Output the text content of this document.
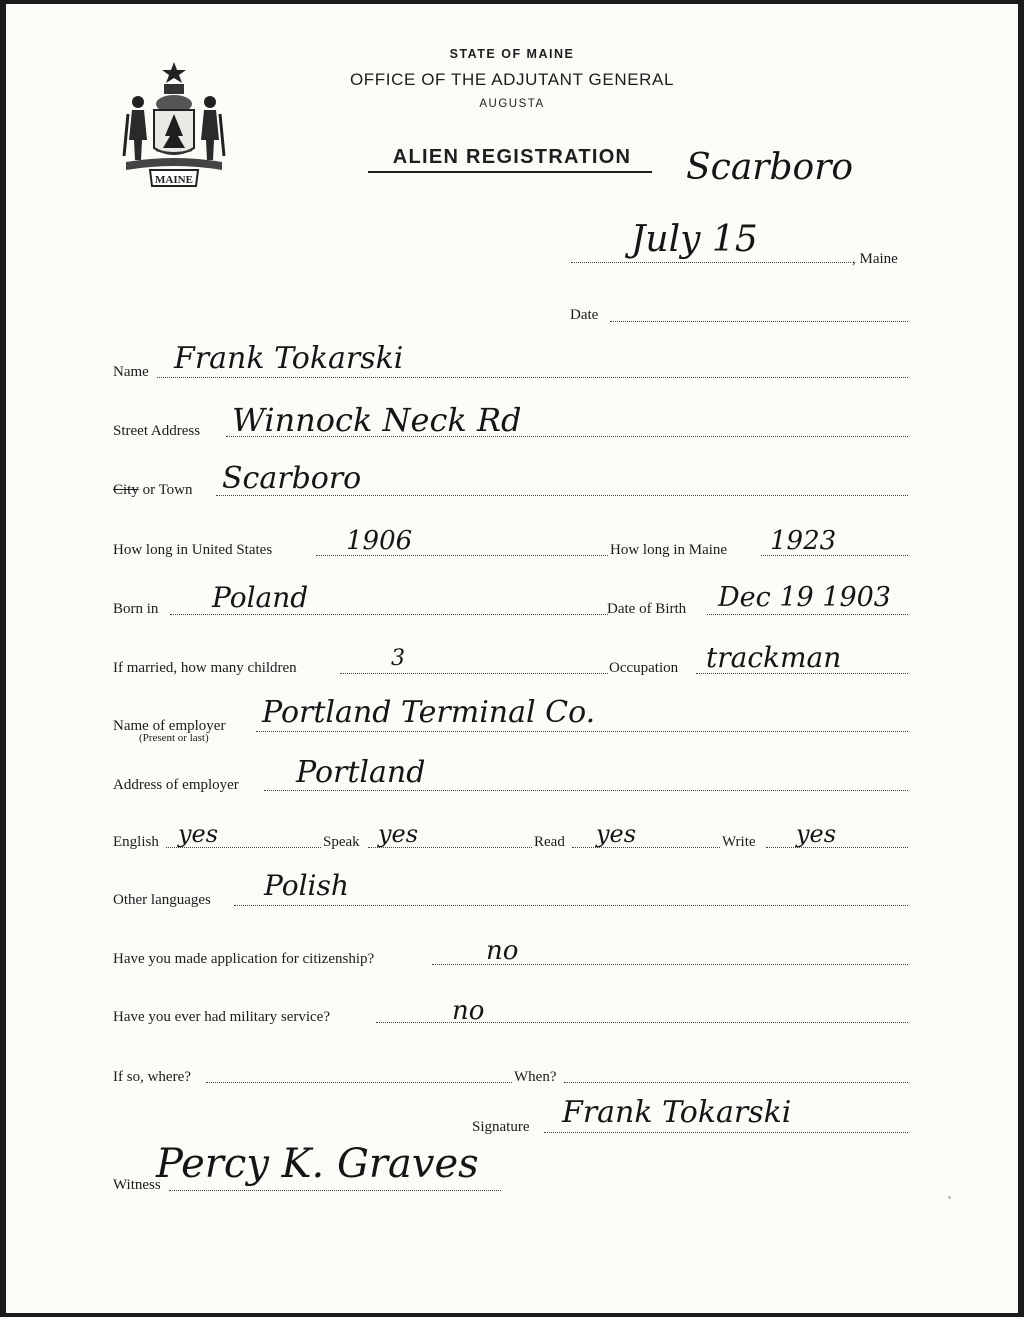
MAINE
STATE OF MAINE
OFFICE OF THE ADJUTANT GENERAL
AUGUSTA
ALIEN REGISTRATION	Scarboro
July 15	, Maine
Date
Name Frank Tokarski
Street Address Winnock Neck Rd
City or Town Scarboro
How long in United States	1906	How long in Maine 1923
Born in Poland	Date of Birth Dec 19 1903
If married, how many children	3	Occupation trackman
Name of employer
(Present or last)
Portland Terminal Co.
Address of employer Portland
English yes	Speak yes	Read yes	Write yes
Other languages Polish
Have you made application for citizenship?	no
Have you ever had military service?	no
If so, where?	When?
Signature Frank Tokarski
Witness
Percy K. Graves
